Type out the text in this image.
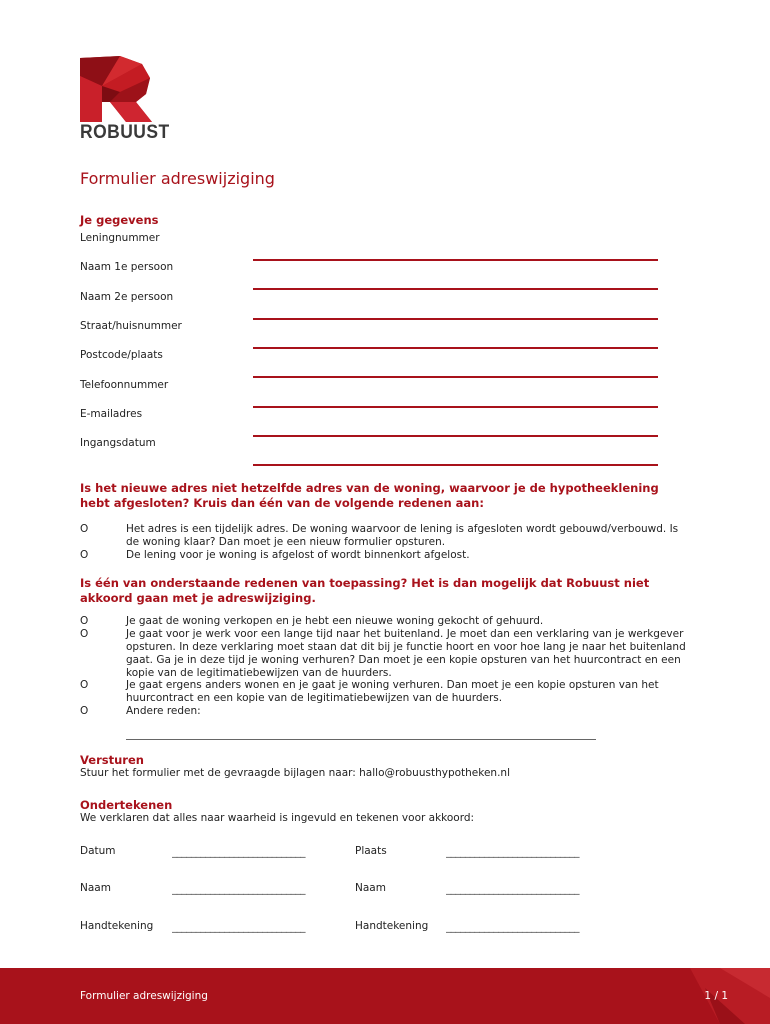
ROBUUST
Formulier adreswijziging
Je gegevens
Leningnummer
Naam 1e persoon
Naam 2e persoon
Straat/huisnummer
Postcode/plaats
Telefoonnummer
E-mailadres
Ingangsdatum
Is het nieuwe adres niet hetzelfde adres van de woning, waarvoor je de hypotheeklening hebt afgesloten? Kruis dan één van de volgende redenen aan:
O	Het adres is een tijdelijk adres. De woning waarvoor de lening is afgesloten wordt gebouwd/verbouwd. Is de woning klaar? Dan moet je een nieuw formulier opsturen.
O	De lening voor je woning is afgelost of wordt binnenkort afgelost.
Is één van onderstaande redenen van toepassing? Het is dan mogelijk dat Robuust niet akkoord gaan met je adreswijziging.
O	Je gaat de woning verkopen en je hebt een nieuwe woning gekocht of gehuurd.
O	Je gaat voor je werk voor een lange tijd naar het buitenland. Je moet dan een verklaring van je werkgever opsturen. In deze verklaring moet staan dat dit bij je functie hoort en voor hoe lang je naar het buitenland gaat. Ga je in deze tijd je woning verhuren? Dan moet je een kopie opsturen van het huurcontract en een kopie van de legitimatiebewijzen van de huurders.
O	Je gaat ergens anders wonen en je gaat je woning verhuren. Dan moet je een kopie opsturen van het huurcontract en een kopie van de legitimatiebewijzen van de huurders.
O	Andere reden:
Versturen
Stuur het formulier met de gevraagde bijlagen naar: hallo@robuusthypotheken.nl
Ondertekenen
We verklaren dat alles naar waarheid is ingevuld en tekenen voor akkoord:
Datum	____________________________	Plaats	____________________________
Naam	____________________________	Naam	____________________________
Handtekening ____________________________	Handtekening ____________________________
Formulier adreswijziging	1 / 1
